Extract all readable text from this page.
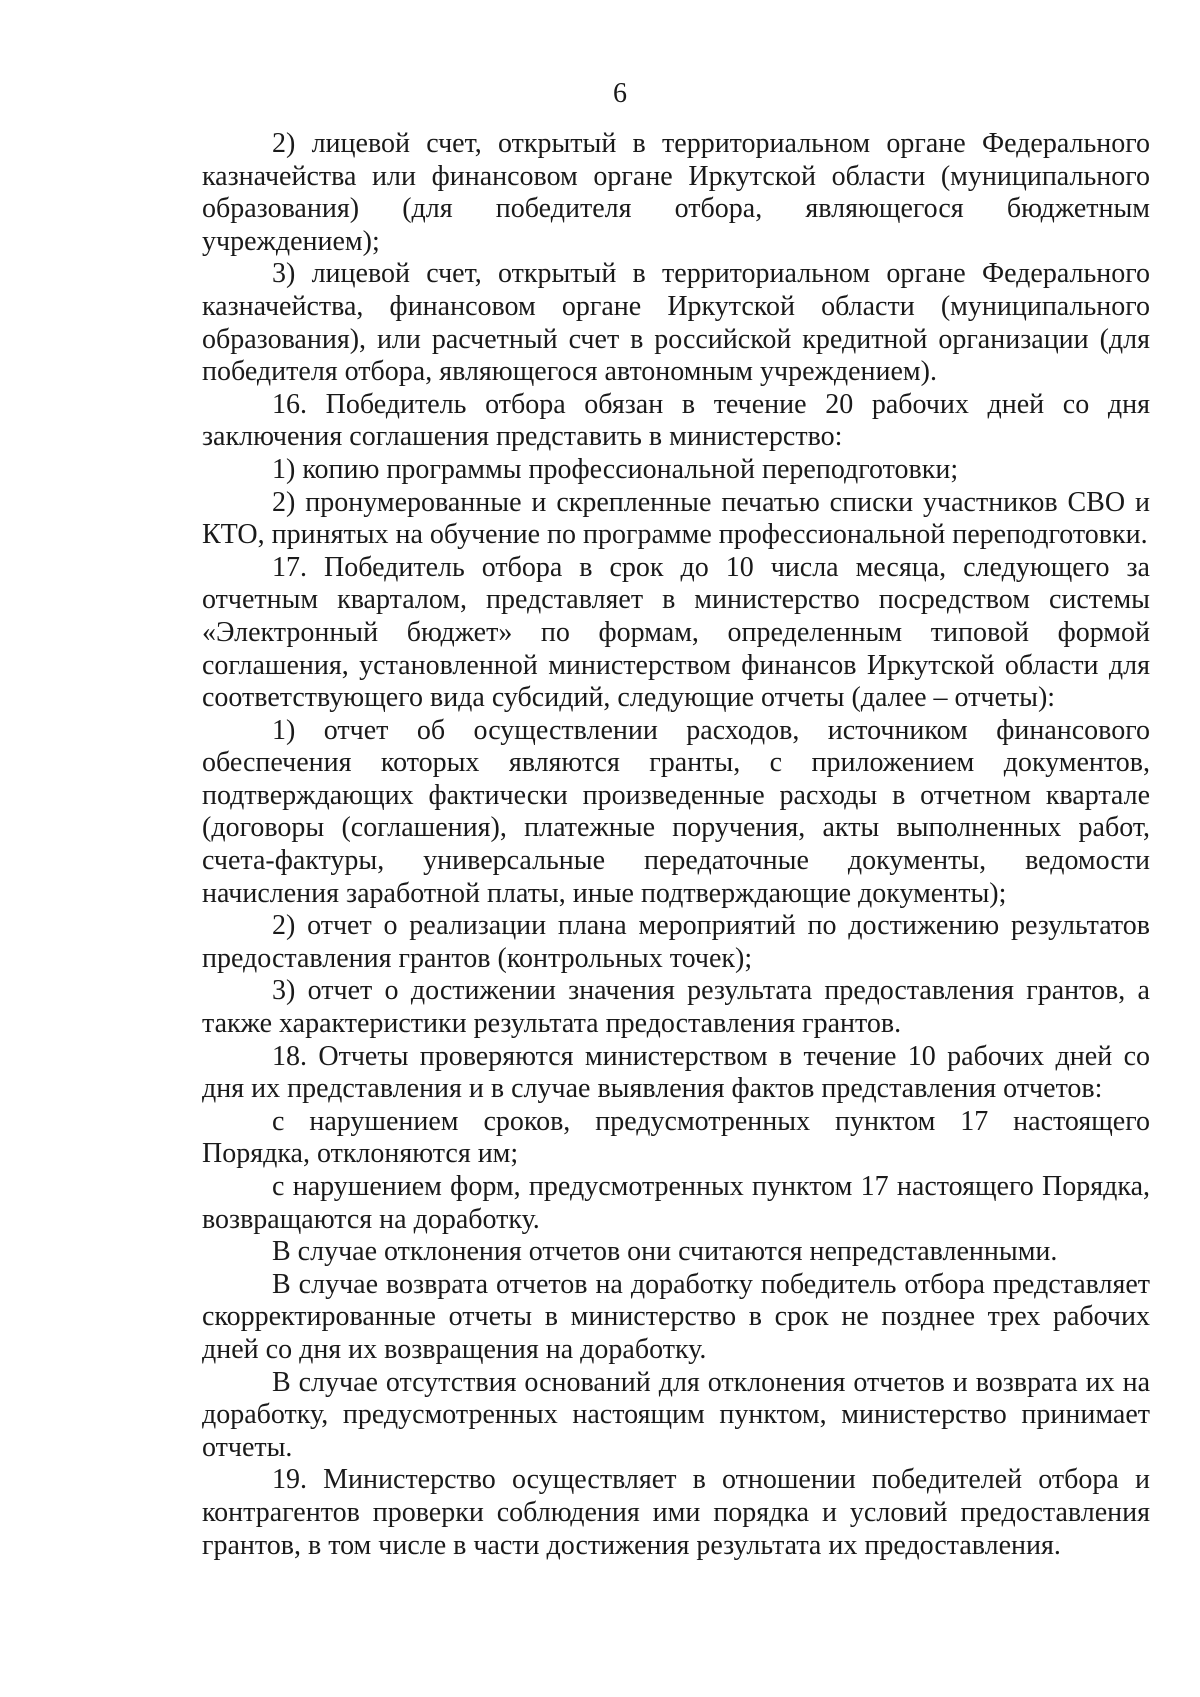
6

2) лицевой счет, открытый в территориальном органе Федерального казначейства или финансовом органе Иркутской области (муниципального образования) (для победителя отбора, являющегося бюджетным учреждением);

3) лицевой счет, открытый в территориальном органе Федерального казначейства, финансовом органе Иркутской области (муниципального образования), или расчетный счет в российской кредитной организации (для победителя отбора, являющегося автономным учреждением).

16. Победитель отбора обязан в течение 20 рабочих дней со дня заключения соглашения представить в министерство:

1) копию программы профессиональной переподготовки;

2) пронумерованные и скрепленные печатью списки участников СВО и КТО, принятых на обучение по программе профессиональной переподготовки.

17. Победитель отбора в срок до 10 числа месяца, следующего за отчетным кварталом, представляет в министерство посредством системы «Электронный бюджет» по формам, определенным типовой формой соглашения, установленной министерством финансов Иркутской области для соответствующего вида субсидий, следующие отчеты (далее – отчеты):

1) отчет об осуществлении расходов, источником финансового обеспечения которых являются гранты, с приложением документов, подтверждающих фактически произведенные расходы в отчетном квартале (договоры (соглашения), платежные поручения, акты выполненных работ, счета-фактуры, универсальные передаточные документы, ведомости начисления заработной платы, иные подтверждающие документы);

2) отчет о реализации плана мероприятий по достижению результатов предоставления грантов (контрольных точек);

3) отчет о достижении значения результата предоставления грантов, а также характеристики результата предоставления грантов.

18. Отчеты проверяются министерством в течение 10 рабочих дней со дня их представления и в случае выявления фактов представления отчетов:

с нарушением сроков, предусмотренных пунктом 17 настоящего Порядка, отклоняются им;

с нарушением форм, предусмотренных пунктом 17 настоящего Порядка, возвращаются на доработку.

В случае отклонения отчетов они считаются непредставленными.

В случае возврата отчетов на доработку победитель отбора представляет скорректированные отчеты в министерство в срок не позднее трех рабочих дней со дня их возвращения на доработку.

В случае отсутствия оснований для отклонения отчетов и возврата их на доработку, предусмотренных настоящим пунктом, министерство принимает отчеты.

19. Министерство осуществляет в отношении победителей отбора и контрагентов проверки соблюдения ими порядка и условий предоставления грантов, в том числе в части достижения результата их предоставления.
